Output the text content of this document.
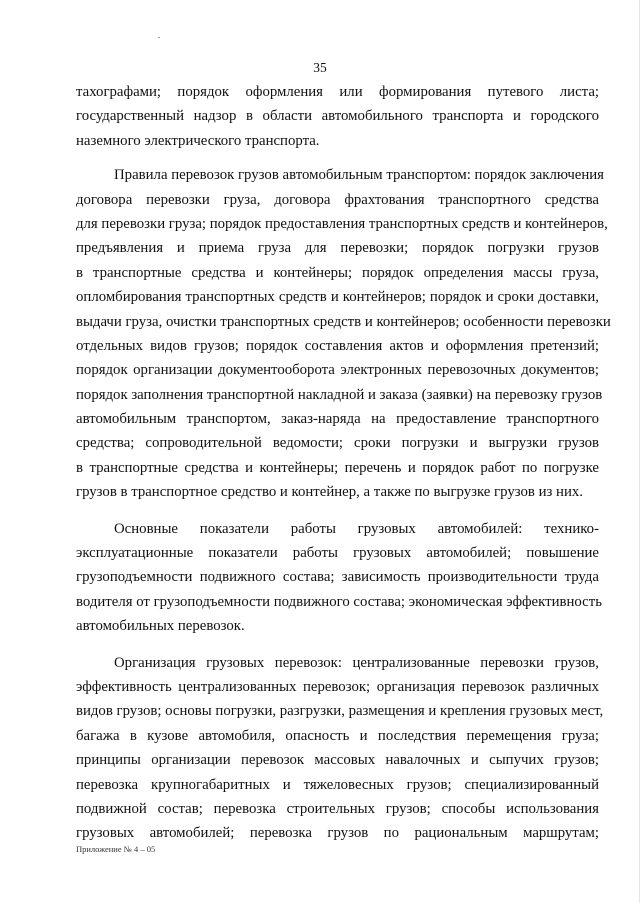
35
тахографами; порядок оформления или формирования путевого листа;
государственный надзор в области автомобильного транспорта и городского
наземного электрического транспорта.
Правила перевозок грузов автомобильным транспортом: порядок заключения
договора перевозки груза, договора фрахтования транспортного средства
для перевозки груза; порядок предоставления транспортных средств и контейнеров,
предъявления и приема груза для перевозки; порядок погрузки грузов
в транспортные средства и контейнеры; порядок определения массы груза,
опломбирования транспортных средств и контейнеров; порядок и сроки доставки,
выдачи груза, очистки транспортных средств и контейнеров; особенности перевозки
отдельных видов грузов; порядок составления актов и оформления претензий;
порядок организации документооборота электронных перевозочных документов;
порядок заполнения транспортной накладной и заказа (заявки) на перевозку грузов
автомобильным транспортом, заказ-наряда на предоставление транспортного
средства; сопроводительной ведомости; сроки погрузки и выгрузки грузов
в транспортные средства и контейнеры; перечень и порядок работ по погрузке
грузов в транспортное средство и контейнер, а также по выгрузке грузов из них.
Основные показатели работы грузовых автомобилей: технико-
эксплуатационные показатели работы грузовых автомобилей; повышение
грузоподъемности подвижного состава; зависимость производительности труда
водителя от грузоподъемности подвижного состава; экономическая эффективность
автомобильных перевозок.
Организация грузовых перевозок: централизованные перевозки грузов,
эффективность централизованных перевозок; организация перевозок различных
видов грузов; основы погрузки, разгрузки, размещения и крепления грузовых мест,
багажа в кузове автомобиля, опасность и последствия перемещения груза;
принципы организации перевозок массовых навалочных и сыпучих грузов;
перевозка крупногабаритных и тяжеловесных грузов; специализированный
подвижной состав; перевозка строительных грузов; способы использования
грузовых автомобилей; перевозка грузов по рациональным маршрутам;
Приложение № 4 – 05
